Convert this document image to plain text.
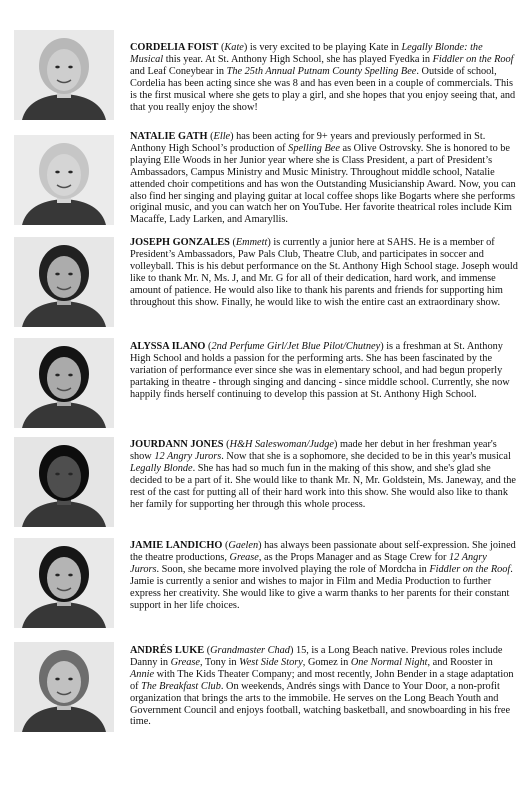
CORDELIA FOIST (Kate) is very excited to be playing Kate in Legally Blonde: the Musical this year. At St. Anthony High School, she has played Fyedka in Fiddler on the Roof and Leaf Coneybear in The 25th Annual Putnam County Spelling Bee. Outside of school, Cordelia has been acting since she was 8 and has even been in a couple of commercials. This is the first musical where she gets to play a girl, and she hopes that you enjoy seeing that, and that you really enjoy the show!
NATALIE GATH (Elle) has been acting for 9+ years and previously performed in St. Anthony High School’s production of Spelling Bee as Olive Ostrovsky. She is honored to be playing Elle Woods in her Junior year where she is Class President, a part of President’s Ambassadors, Campus Ministry and Music Ministry. Throughout middle school, Natalie attended choir competitions and has won the Outstanding Musicianship Award. Now, you can also find her singing and playing guitar at local coffee shops like Bogarts where she performs original music, and you can watch her on YouTube. Her favorite theatrical roles include Kim Macaffe, Lady Larken, and Amaryllis.
JOSEPH GONZALES (Emmett) is currently a junior here at SAHS. He is a member of President’s Ambassadors, Paw Pals Club, Theatre Club, and participates in soccer and volleyball. This is his debut performance on the St. Anthony High School stage. Joseph would like to thank Mr. N, Ms. J, and Mr. G for all of their dedication, hard work, and immense amount of patience. He would also like to thank his parents and friends for supporting him throughout this show. Finally, he would like to wish the entire cast an extraordinary show.
ALYSSA ILANO (2nd Perfume Girl/Jet Blue Pilot/Chutney) is a freshman at St. Anthony High School and holds a passion for the performing arts. She has been fascinated by the variation of performance ever since she was in elementary school, and had begun properly partaking in theatre - through singing and dancing - since middle school. Currently, she now happily finds herself continuing to develop this passion at St. Anthony High School.
JOURDANN JONES (H&H Saleswoman/Judge) made her debut in her freshman year's show 12 Angry Jurors. Now that she is a sophomore, she decided to be in this year's musical Legally Blonde. She has had so much fun in the making of this show, and she's glad she decided to be a part of it. She would like to thank Mr. N, Mr. Goldstein, Ms. Janeway, and the rest of the cast for putting all of their hard work into this show. She would also like to thank her family for supporting her through this whole process.
JAMIE LANDICHO (Gaelen) has always been passionate about self-expression. She joined the theatre productions, Grease, as the Props Manager and as Stage Crew for 12 Angry Jurors. Soon, she became more involved playing the role of Mordcha in Fiddler on the Roof. Jamie is currently a senior and wishes to major in Film and Media Production to further express her creativity. She would like to give a warm thanks to her parents for their constant support in her life choices.
ANDRÉS LUKE (Grandmaster Chad) 15, is a Long Beach native. Previous roles include Danny in Grease, Tony in West Side Story, Gomez in One Normal Night, and Rooster in Annie with The Kids Theater Company; and most recently, John Bender in a stage adaptation of The Breakfast Club. On weekends, Andrés sings with Dance to Your Door, a non-profit organization that brings the arts to the immobile. He serves on the Long Beach Youth and Government Council and enjoys football, watching basketball, and snowboarding in his free time.
